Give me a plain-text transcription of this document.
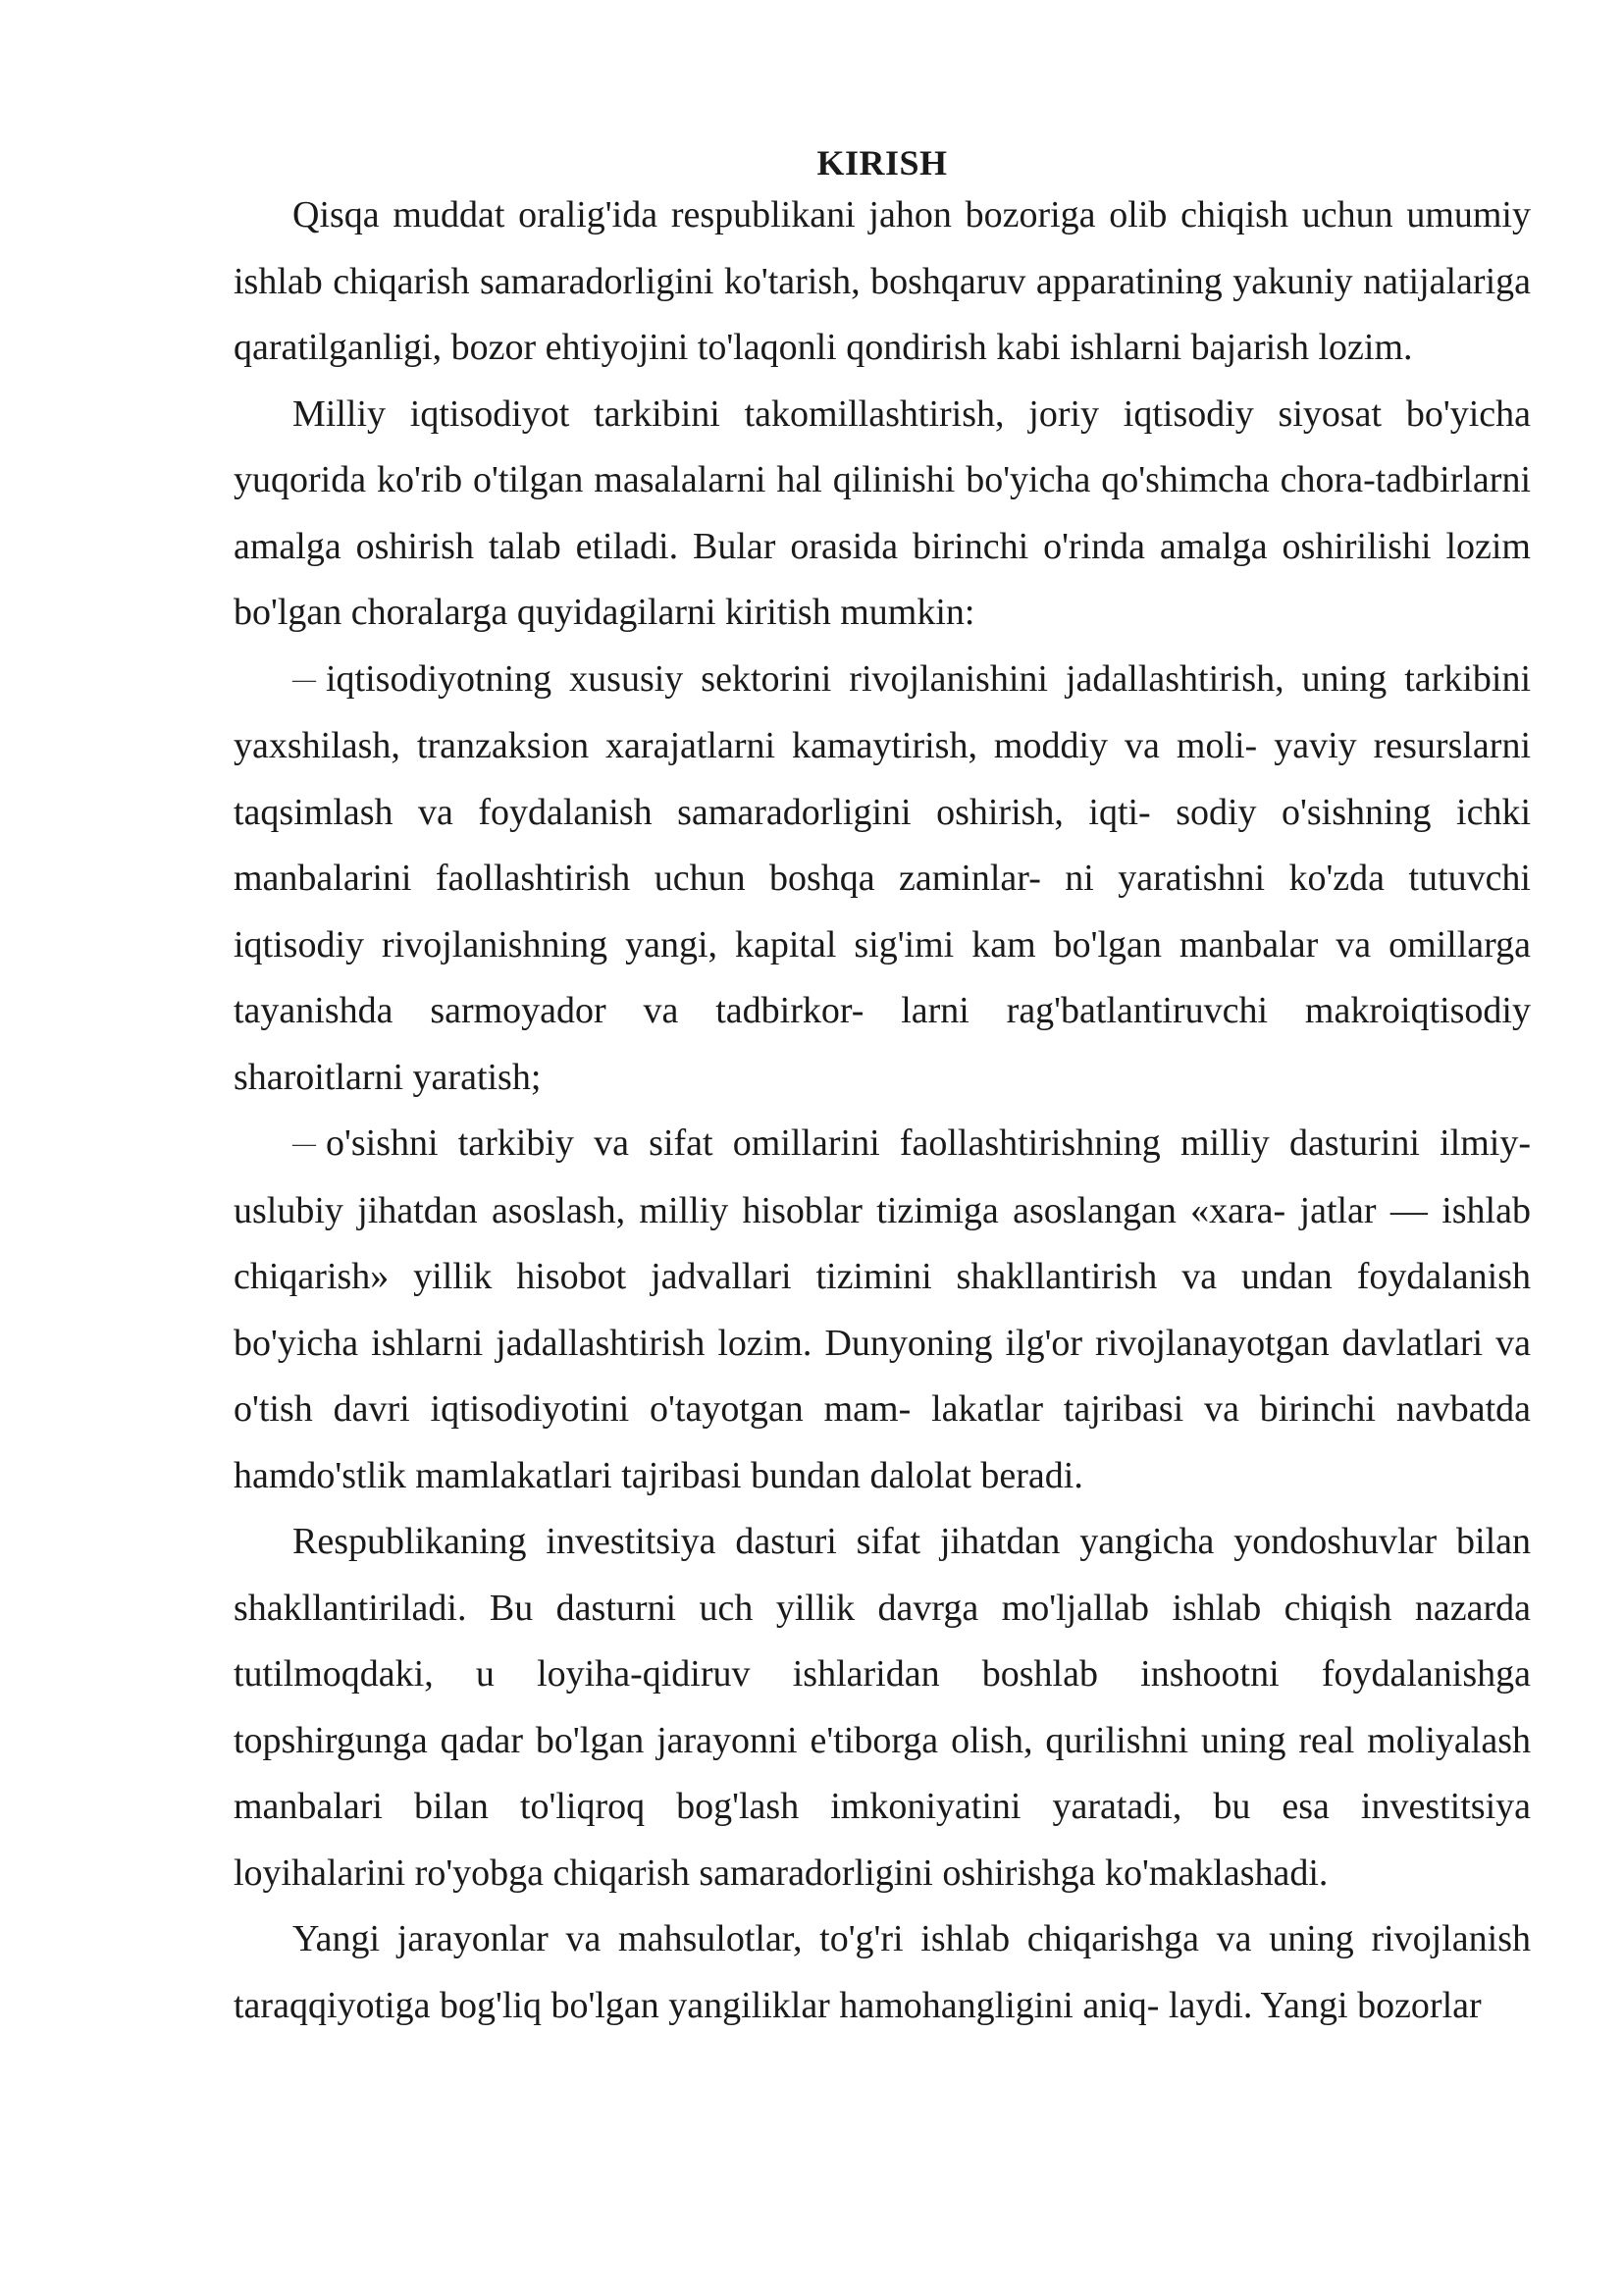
KIRISH

Qisqa muddat oralig'ida respublikani jahon bozoriga olib chiqish uchun umumiy ishlab chiqarish samaradorligini ko'tarish, boshqaruv apparatining yakuniy natijalariga qaratilganligi, bozor ehtiyojini to'laqonli qondirish kabi ishlarni bajarish lozim.

Milliy iqtisodiyot tarkibini takomillashtirish, joriy iqtisodiy siyosat bo'yicha yuqorida ko'rib o'tilgan masalalarni hal qilinishi bo'yicha qo'shimcha chora-tadbirlarni amalga oshirish talab etiladi. Bular orasida birinchi o'rinda amalga oshirilishi lozim bo'lgan choralarga quyidagilarni kiritish mumkin:

— iqtisodiyotning xususiy sektorini rivojlanishini jadallashtirish, uning tarkibini yaxshilash, tranzaksion xarajatlarni kamaytirish, moddiy va moli- yaviy resurslarni taqsimlash va foydalanish samaradorligini oshirish, iqti- sodiy o'sishning ichki manbalarini faollashtirish uchun boshqa zaminlar- ni yaratishni ko'zda tutuvchi iqtisodiy rivojlanishning yangi, kapital sig'imi kam bo'lgan manbalar va omillarga tayanishda sarmoyador va tadbirkor- larni rag'batlantiruvchi makroiqtisodiy sharoitlarni yaratish;

— o'sishni tarkibiy va sifat omillarini faollashtirishning milliy dasturini ilmiy-uslubiy jihatdan asoslash, milliy hisoblar tizimiga asoslangan «xara- jatlar — ishlab chiqarish» yillik hisobot jadvallari tizimini shakllantirish va undan foydalanish bo'yicha ishlarni jadallashtirish lozim. Dunyoning ilg'or rivojlanayotgan davlatlari va o'tish davri iqtisodiyotini o'tayotgan mam- lakatlar tajribasi va birinchi navbatda hamdo'stlik mamlakatlari tajribasi bundan dalolat beradi.

Respublikaning investitsiya dasturi sifat jihatdan yangicha yondoshuvlar bilan shakllantiriladi. Bu dasturni uch yillik davrga mo'ljallab ishlab chiqish nazarda tutilmoqdaki, u loyiha-qidiruv ishlaridan boshlab inshootni foydalanishga topshirgunga qadar bo'lgan jarayonni e'tiborga olish, qurilishni uning real moliyalash manbalari bilan to'liqroq bog'lash imkoniyatini yaratadi, bu esa investitsiya loyihalarini ro'yobga chiqarish samaradorligini oshirishga ko'maklashadi.

Yangi jarayonlar va mahsulotlar, to'g'ri ishlab chiqarishga va uning rivojlanish taraqqiyotiga bog'liq bo'lgan yangiliklar hamohangligini aniq- laydi. Yangi bozorlar
